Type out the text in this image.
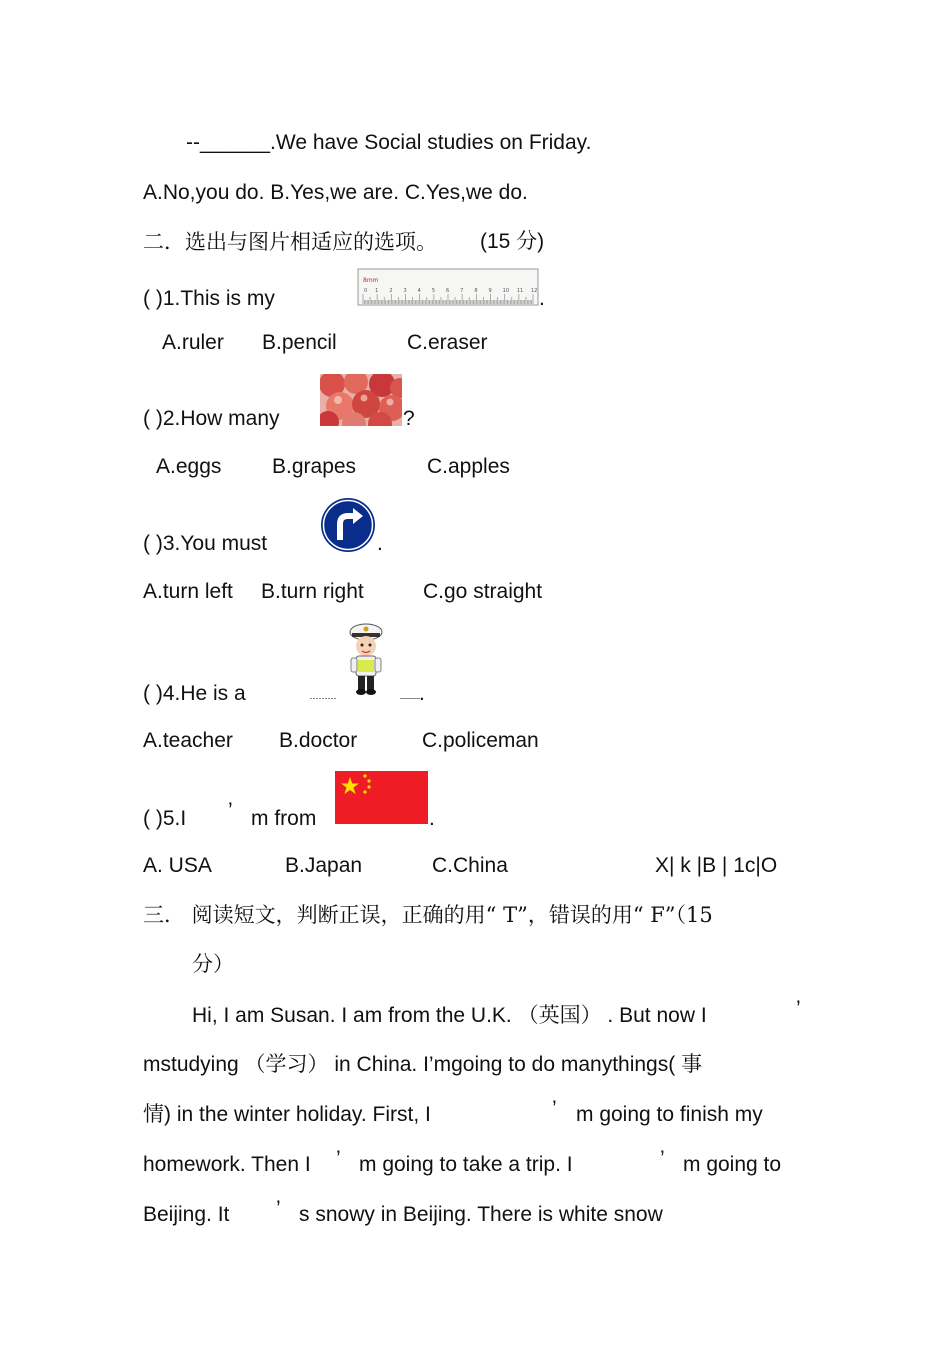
--______.We have Social studies on Friday.
A.No,you do. B.Yes,we are. C.Yes,we do.
二．选出与图片相适应的选项。 (15 分)
( )1.This is my
8mm
0 1 2 3 4 5 6 7 8 9 10 11 12 .
A.ruler B.pencil	C.eraser
( )2.How many	?
A.eggs B.grapes	C.apples
( )3.You must	.
A.turn left B.turn right	C.go straight
( )4.He is a	.
A.teacher B.doctor	C.policeman
( )5.I ’ m from	.
A. USA	B.Japan	C.China	X| k |B | 1c|O
三． 阅读短文，判断正误，正确的用“ T”，错误的用“ F”（15
分）
Hi, I am Susan. I am from the U.K. （英国） . But now I	’
mstudying （学习） in China. I’mgoing to do manythings( 事
情) in the winter holiday. First, I	’ m going to finish my
homework. Then I ’ m going to take a trip. I	’ m going to
Beijing. It ’ s snowy in Beijing. There is white snow
